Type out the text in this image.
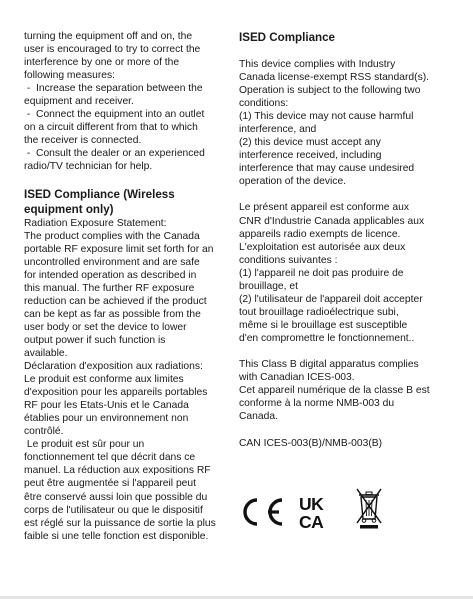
turning the equipment off and on, the
user is encouraged to try to correct the
interference by one or more of the
following measures:
-  Increase the separation between the
equipment and receiver.
-  Connect the equipment into an outlet
on a circuit different from that to which
the receiver is connected.
-  Consult the dealer or an experienced
radio/TV technician for help.

ISED Compliance (Wireless
equipment only)

Radiation Exposure Statement:
The product complies with the Canada
portable RF exposure limit set forth for an
uncontrolled environment and are safe
for intended operation as described in
this manual. The further RF exposure
reduction can be achieved if the product
can be kept as far as possible from the
user body or set the device to lower
output power if such function is
available.
Déclaration d'exposition aux radiations:
Le produit est conforme aux limites
d'exposition pour les appareils portables
RF pour les Etats-Unis et le Canada
établies pour un environnement non
contrôlé.
Le produit est sûr pour un
fonctionnement tel que décrit dans ce
manuel. La réduction aux expositions RF
peut être augmentée si l'appareil peut
être conservé aussi loin que possible du
corps de l'utilisateur ou que le dispositif
est réglé sur la puissance de sortie la plus
faible si une telle fonction est disponible.

ISED Compliance

This device complies with Industry
Canada license-exempt RSS standard(s).
Operation is subject to the following two
conditions:
(1) This device may not cause harmful
interference, and
(2) this device must accept any
interference received, including
interference that may cause undesired
operation of the device.

Le présent appareil est conforme aux
CNR d'Industrie Canada applicables aux
appareils radio exempts de licence.
L'exploitation est autorisée aux deux
conditions suivantes :
(1) l'appareil ne doit pas produire de
brouillage, et
(2) l'utilisateur de l'appareil doit accepter
tout brouillage radioélectrique subi,
même si le brouillage est susceptible
d'en compromettre le fonctionnement..

This Class B digital apparatus complies
with Canadian ICES-003.
Cet appareil numérique de la classe B est
conforme à la norme NMB-003 du
Canada.

CAN ICES-003(B)/NMB-003(B)

CE
UK
CA
